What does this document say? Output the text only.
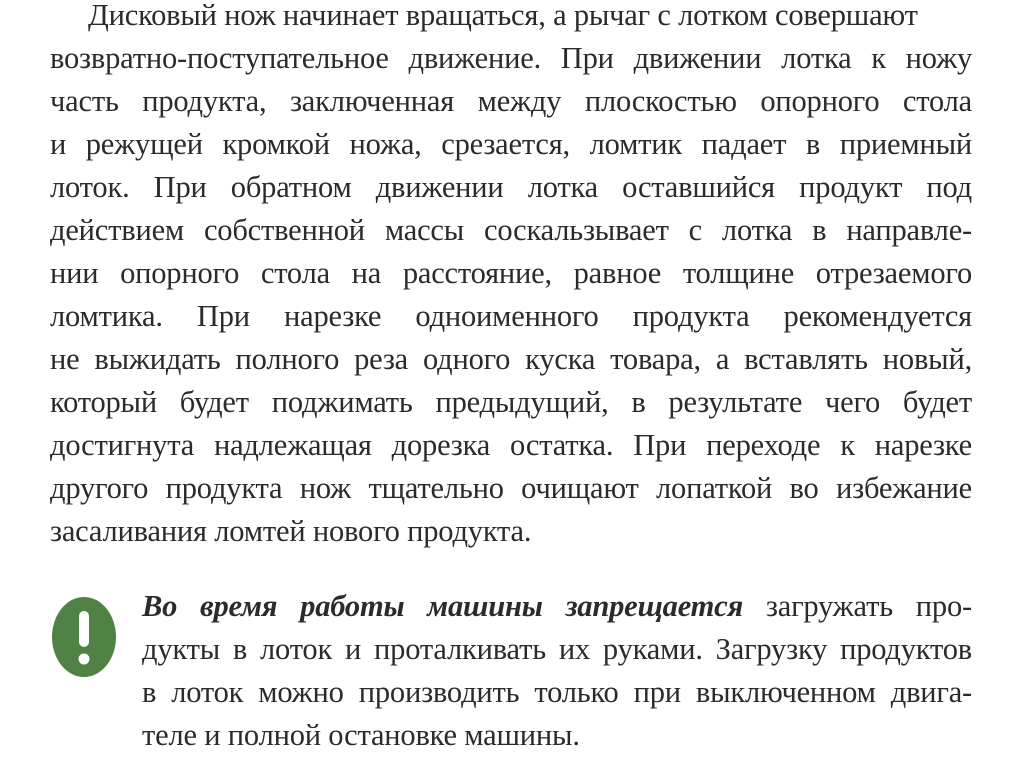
Дисковый нож начинает вращаться, а рычаг с лотком совершают
возвратно-поступательное движение. При движении лотка к ножу
часть продукта, заключенная между плоскостью опорного стола
и режущей кромкой ножа, срезается, ломтик падает в приемный
лоток. При обратном движении лотка оставшийся продукт под
действием собственной массы соскальзывает с лотка в направле-
нии опорного стола на расстояние, равное толщине отрезаемого
ломтика. При нарезке одноименного продукта рекомендуется
не выжидать полного реза одного куска товара, а вставлять новый,
который будет поджимать предыдущий, в результате чего будет
достигнута надлежащая дорезка остатка. При переходе к нарезке
другого продукта нож тщательно очищают лопаткой во избежание
засаливания ломтей нового продукта.
Во время работы машины запрещается загружать про-
дукты в лоток и проталкивать их руками. Загрузку продуктов
в лоток можно производить только при выключенном двига-
теле и полной остановке машины.
